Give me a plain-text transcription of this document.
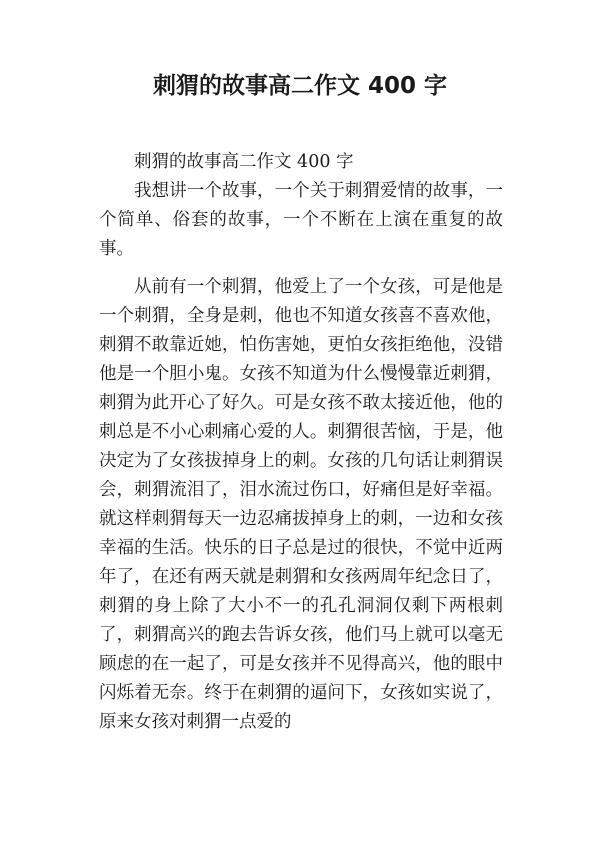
刺猬的故事高二作文 400 字

刺猬的故事高二作文 400 字

我想讲一个故事，一个关于刺猬爱情的故事，一个简单、俗套的故事，一个不断在上演在重复的故事。

从前有一个刺猬，他爱上了一个女孩，可是他是一个刺猬，全身是刺，他也不知道女孩喜不喜欢他，刺猬不敢靠近她，怕伤害她，更怕女孩拒绝他，没错他是一个胆小鬼。女孩不知道为什么慢慢靠近刺猬，刺猬为此开心了好久。可是女孩不敢太接近他，他的刺总是不小心刺痛心爱的人。刺猬很苦恼，于是，他决定为了女孩拔掉身上的刺。女孩的几句话让刺猬误会，刺猬流泪了，泪水流过伤口，好痛但是好幸福。就这样刺猬每天一边忍痛拔掉身上的刺，一边和女孩幸福的生活。快乐的日子总是过的很快，不觉中近两年了，在还有两天就是刺猬和女孩两周年纪念日了，刺猬的身上除了大小不一的孔孔洞洞仅剩下两根刺了，刺猬高兴的跑去告诉女孩，他们马上就可以毫无顾虑的在一起了，可是女孩并不见得高兴，他的眼中闪烁着无奈。终于在刺猬的逼问下，女孩如实说了，原来女孩对刺猬一点爱的
